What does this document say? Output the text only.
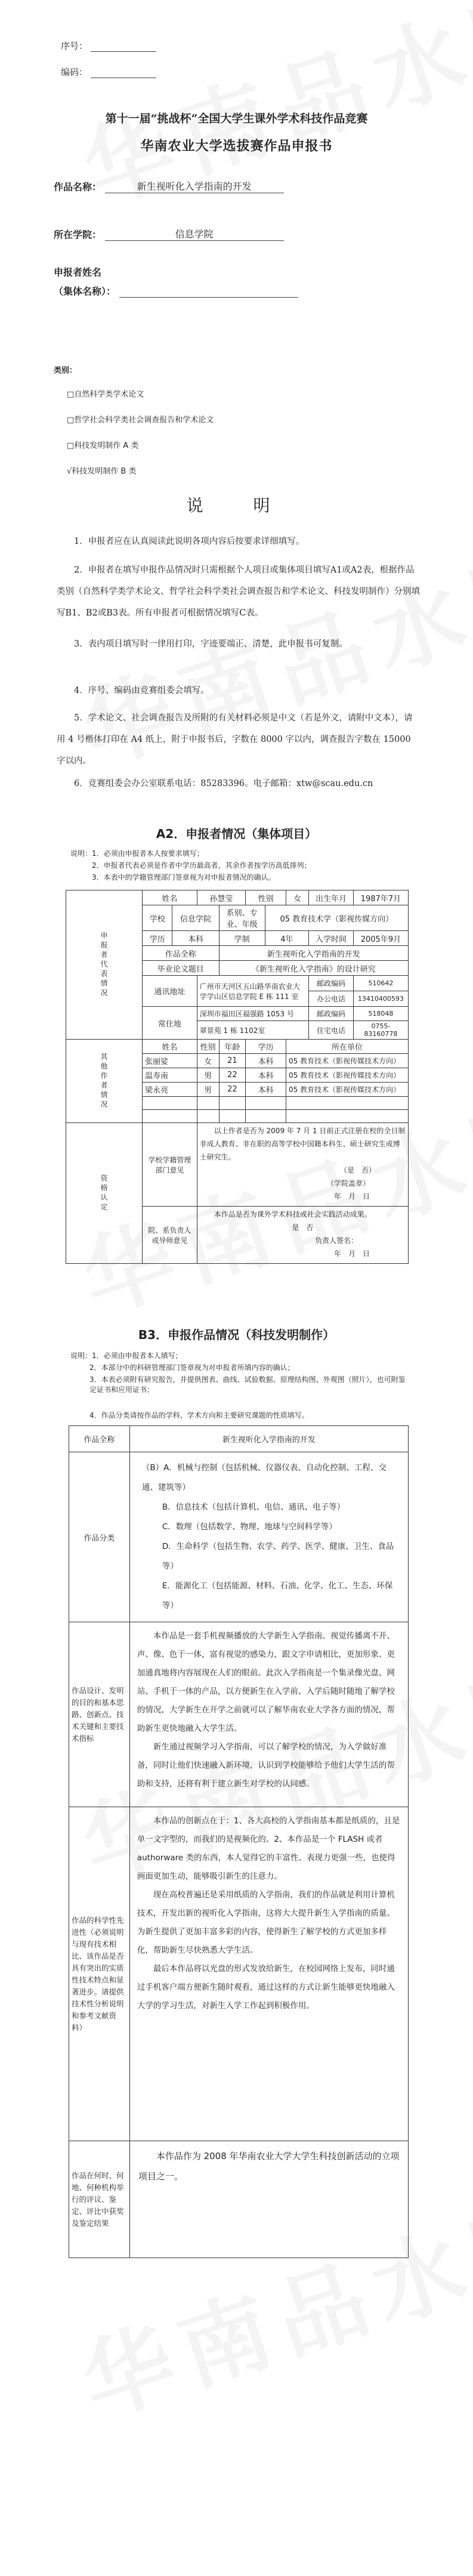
序号：
编码：
第十一届“挑战杯”全国大学生课外学术科技作品竞赛
华南农业大学选拔赛作品申报书
作品名称：	新生视听化入学指南的开发
所在学院：	信息学院
申报者姓名
（集体名称）：
类别：
□自然科学类学术论文
□哲学社会科学类社会调查报告和学术论文
□科技发明制作 A 类
√科技发明制作 B 类
说　明

1．申报者应在认真阅读此说明各项内容后按要求详细填写。

2．申报者在填写申报作品情况时只需根据个人项目或集体项目填写A1或A2表，根据作品类别（自然科学类学术论文、哲学社会科学类社会调查报告和学术论文、科技发明制作）分别填写B1、B2或B3表。所有申报者可根据情况填写C表。

3．表内项目填写时一律用打印，字迹要端正、清楚，此申报书可复制。

4．序号、编码由竞赛组委会填写。

5．学术论文、社会调查报告及所附的有关材料必须是中文（若是外文，请附中文本），请用 4 号楷体打印在 A4 纸上，附于申报书后，字数在 8000 字以内，调查报告字数在 15000 字以内。

6．竞赛组委会办公室联系电话：85283396。电子邮箱：xtw@scau.edu.cn

A2．申报者情况（集体项目）
说明：1．必须由申报者本人按要求填写；
2．申报者代表必须是作者中学历最高者，其余作者按学历高低排列；
3．本表中的学籍管理部门签章视为对申报者情况的确认。
申报者代表情况	姓名		孙慧莹		性别		女	出生年月	1987年7月
	学校	信息学院		系别、专业、年级		05 教育技术学（影视传媒方向）			
	学历	本科		学制		4年		入学时间	2005年9月
	作品全称			新生视听化入学指南的开发					
	毕业论文题目			《新生视听化入学指南》的设计研究					
	通讯地址		广州市天河区五山路华南农业大学学山区信息学院 E 栋 111 室					邮政编码	510642
								办公电话	13410400593
	常住地		深圳市福田区福强路 1053 号					邮政编码	518048
			翠景苑 1 栋 1102室					住宅电话	0755-83160778
其他作者情况	姓名		性别	年龄	学历		所在单位		
	张丽娑		女	21	本科		05 教育技术（影视传媒技术方向）		
	温寿南		男	22	本科		05 教育技术（影视传媒技术方向）		
	梁永亮		男	22	本科		05 教育技术（影视传媒技术方向）		

资格认定	学校学籍管理部门意见		以上作者是否为 2009 年 7 月 1 日前正式注册在校的全日制非成人教育、非在职的高等学校中国籍本科生、硕士研究生或博士研究生。
（是　否）
（学院盖章）
年　月　日						

	院、系负责人或导师意见		本作品是否为课外学术科技或社会实践活动成果。
是　否
负责人签名：
年　月　日						
B3．申报作品情况（科技发明制作）
说明：1．必须由申报者本人填写；
2．本部分中的科研管理部门签章视为对申报者所填内容的确认；
3．本表必须附有研究报告，并提供图表、曲线、试验数据、原理结构图、外观图（照片），也可附鉴定证书和应用证书；
4．作品分类请按作品的学科、学术方向和主要研究课题的性质填写。
作品全称	新生视听化入学指南的开发
作品分类	（B）A．机械与控制（包括机械、仪器仪表、自动化控制、工程、交通、建筑等）
B．信息技术（包括计算机、电信、通讯、电子等）
C．数理（包括数学、物理、地球与空间科学等）
D．生命科学（包括生物、农学、药学、医学、健康、卫生、食品等）
E．能源化工（包括能源、材料、石油、化学、化工、生态、环保等）

作品设计、发明的目的和基本思路、创新点、技术关键和主要技术指标	本作品是一套手机视频播放的大学新生入学指南。视觉传播离不开、声、像、色于一体，富有视觉的感染力，跟文字申请相比，更加形象、更加通真地将内容展现在人们的眼前。此次入学指南是一个集录像光盘、网站、手机于一体的产品，以方便新生在入学前、入学后随时随地了解学校的情况，大学新生在开学之前就可以了解华南农业大学各方面的情况，帮助新生更快地融入大学生活。

新生通过视频学习入学指南，可以了解学校的情况，为入学做好准备，同时让他们快速融入新环境，认识到学校能够给予他们大学生活的帮助和支持，还将有利于建立新生对学校的认同感。

作品的科学性先进性（必须说明与现有技术相比、该作品是否具有突出的实质性技术特点和显著进步。请提供技术性分析说明和参考文献资料）	本作品的创新点在于：1、各大高校的入学指南基本都是纸质的，且是单一文字型的，而我们的是视频化的。2、本作品是一个 FLASH 或者 authorware 类的东西，本人觉得它的丰富性、表现力更强一些，也使得画面更加生动，能够吸引新生的注意力。

现在高校普遍还是采用纸质的入学指南，我们的作品就是利用计算机技术，开发出新的视听化入学指南，这将大大提升新生入学指南的质量。为新生提供了更加丰富多彩的内容，使得新生了解学校的方式更加多样化，帮助新生尽快熟悉大学生活。

最后本作品将以光盘的形式发放给新生，在校园网络上发布，同时通过手机客户端方便新生随时观看，通过这样的方式让新生能够更快地融入大学的学习生活，对新生入学工作起到积极作用。

作品在何时、何地、何种机构举行的评议、鉴定、评比中获奖及鉴定结果	本作品作为 2008 年华南农业大学大学生科技创新活动的立项项目之一。
